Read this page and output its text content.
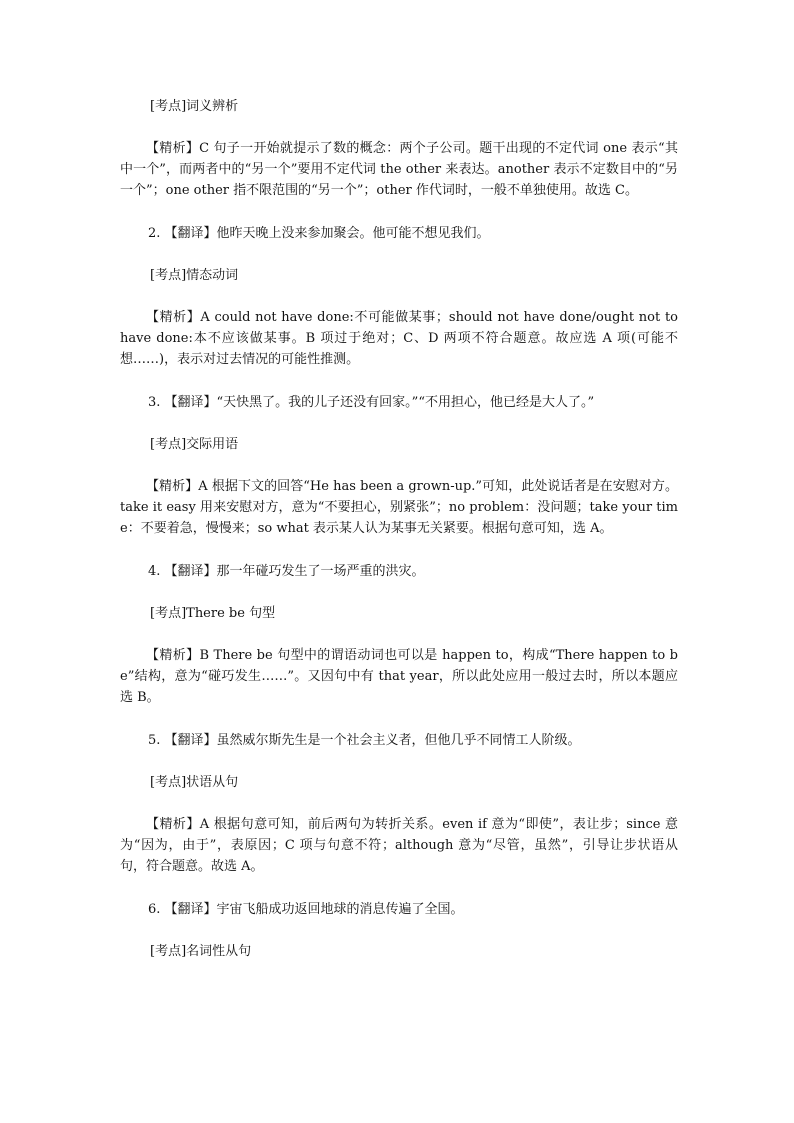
[考点]词义辨析

【精析】C 句子一开始就提示了数的概念：两个子公司。题干出现的不定代词 one 表示“其中一个”，而两者中的“另一个”要用不定代词 the other 来表达。another 表示不定数目中的“另一个”；one other 指不限范围的“另一个”；other 作代词时，一般不单独使用。故选 C。

2. 【翻译】他昨天晚上没来参加聚会。他可能不想见我们。

[考点]情态动词

【精析】A could not have done:不可能做某事；should not have done/ought not to have done:本不应该做某事。B 项过于绝对；C、D 两项不符合题意。故应选 A 项(可能不想……)，表示对过去情况的可能性推测。

3. 【翻译】“天快黑了。我的儿子还没有回家。”“不用担心，他已经是大人了。”

[考点]交际用语

【精析】A 根据下文的回答“He has been a grown-up.”可知，此处说话者是在安慰对方。take it easy 用来安慰对方，意为“不要担心，别紧张”；no problem：没问题；take your time：不要着急，慢慢来；so what 表示某人认为某事无关紧要。根据句意可知，选 A。

4. 【翻译】那一年碰巧发生了一场严重的洪灾。

[考点]There be 句型

【精析】B There be 句型中的谓语动词也可以是 happen to，构成“There happen to be”结构，意为“碰巧发生……”。又因句中有 that year，所以此处应用一般过去时，所以本题应选 B。

5. 【翻译】虽然威尔斯先生是一个社会主义者，但他几乎不同情工人阶级。

[考点]状语从句

【精析】A 根据句意可知，前后两句为转折关系。even if 意为“即使”，表让步；since 意为“因为，由于”，表原因；C 项与句意不符；although 意为“尽管，虽然”，引导让步状语从句，符合题意。故选 A。

6. 【翻译】宇宙飞船成功返回地球的消息传遍了全国。

[考点]名词性从句
